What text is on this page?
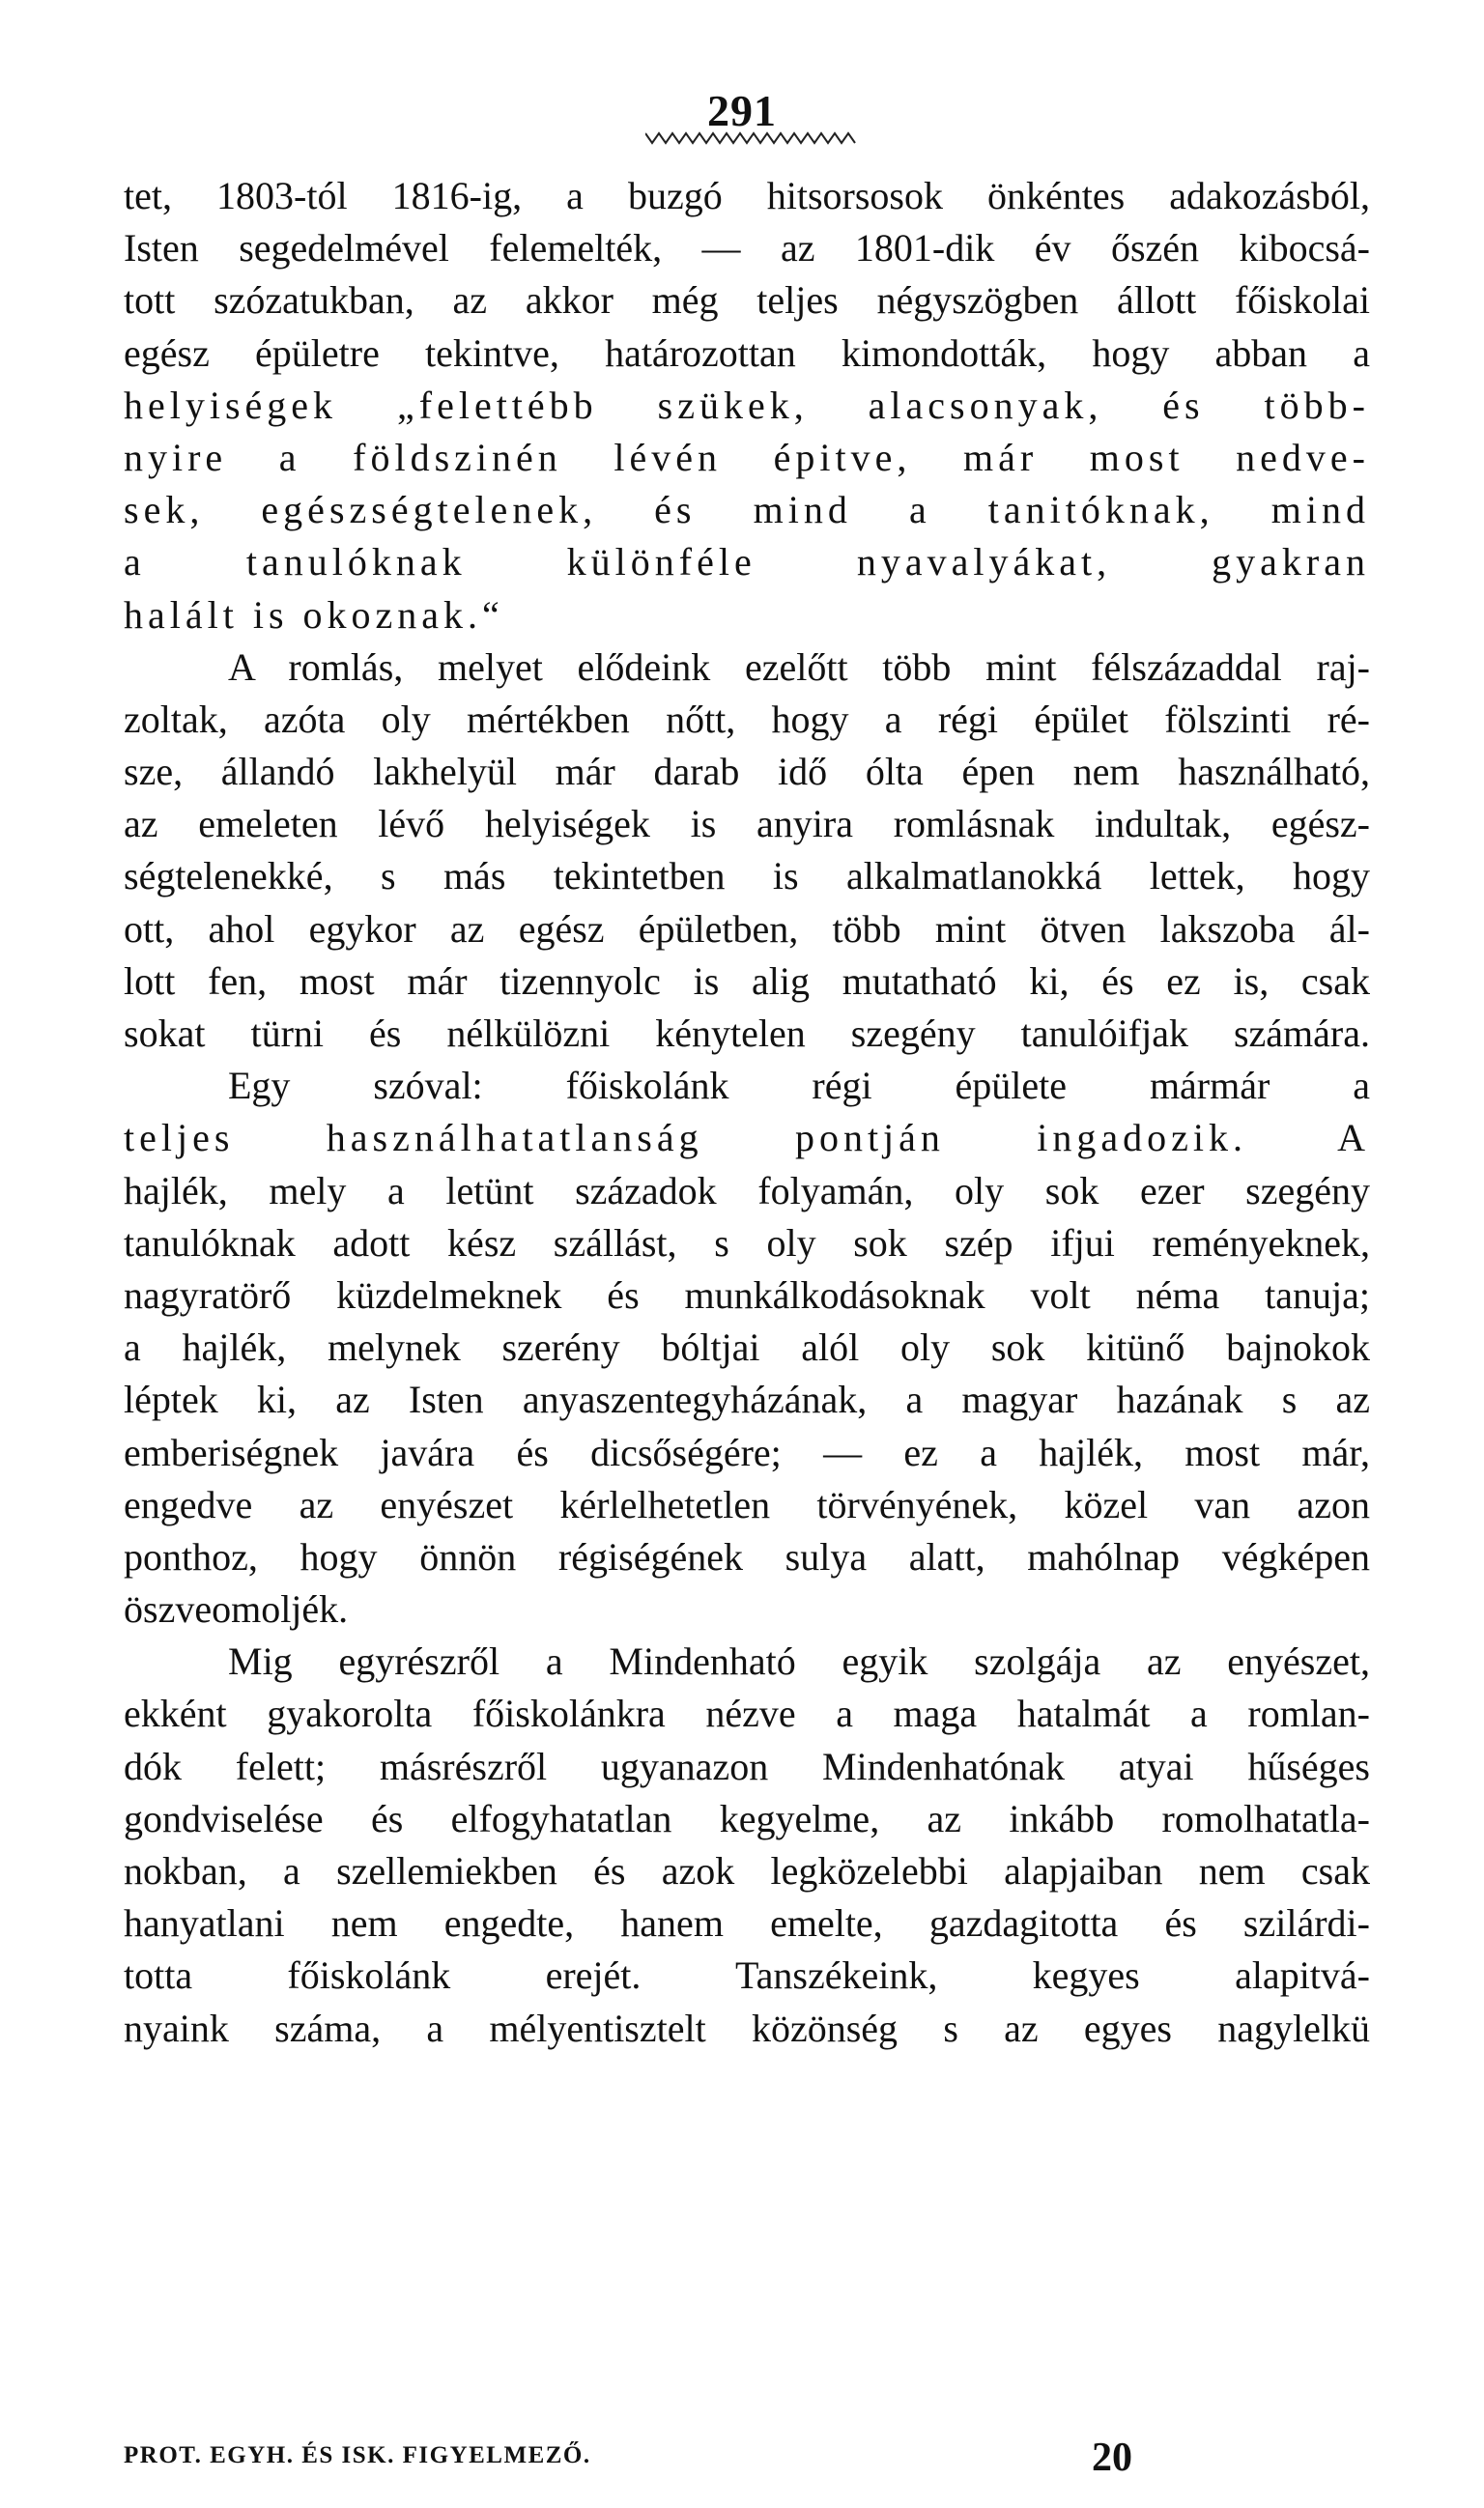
291
tet, 1803-tól 1816-ig, a buzgó hitsorsosok önkéntes adakozásból,
Isten segedelmével felemelték, — az 1801-dik év őszén kibocsá-
tott szózatukban, az akkor még teljes négyszögben állott főiskolai
egész épületre tekintve, határozottan kimondották, hogy abban a
helyiségek „felettébb szükek, alacsonyak, és több-
nyire a földszinén lévén épitve, már most nedve-
sek, egészségtelenek, és mind a tanitóknak, mind
a tanulóknak különféle nyavalyákat, gyakran
halált is okoznak.“
A romlás, melyet elődeink ezelőtt több mint félszázaddal raj-
zoltak, azóta oly mértékben nőtt, hogy a régi épület fölszinti ré-
sze, állandó lakhelyül már darab idő ólta épen nem használható,
az emeleten lévő helyiségek is anyira romlásnak indultak, egész-
ségtelenekké, s más tekintetben is alkalmatlanokká lettek, hogy
ott, ahol egykor az egész épületben, több mint ötven lakszoba ál-
lott fen, most már tizennyolc is alig mutatható ki, és ez is, csak
sokat türni és nélkülözni kénytelen szegény tanulóifjak számára.
Egy szóval: főiskolánk régi épülete mármár a
teljes használhatatlanság pontján ingadozik. A
hajlék, mely a letünt századok folyamán, oly sok ezer szegény
tanulóknak adott kész szállást, s oly sok szép ifjui reményeknek,
nagyratörő küzdelmeknek és munkálkodásoknak volt néma tanuja;
a hajlék, melynek szerény bóltjai alól oly sok kitünő bajnokok
léptek ki, az Isten anyaszentegyházának, a magyar hazának s az
emberiségnek javára és dicsőségére; — ez a hajlék, most már,
engedve az enyészet kérlelhetetlen törvényének, közel van azon
ponthoz, hogy önnön régiségének sulya alatt, mahólnap végképen
öszveomoljék.
Mig egyrészről a Mindenható egyik szolgája az enyészet,
ekként gyakorolta főiskolánkra nézve a maga hatalmát a romlan-
dók felett; másrészről ugyanazon Mindenhatónak atyai hűséges
gondviselése és elfogyhatatlan kegyelme, az inkább romolhatatla-
nokban, a szellemiekben és azok legközelebbi alapjaiban nem csak
hanyatlani nem engedte, hanem emelte, gazdagitotta és szilárdi-
totta főiskolánk erejét. Tanszékeink, kegyes alapitvá-
nyaink száma, a mélyentisztelt közönség s az egyes nagylelkü
PROT. EGYH. ÉS ISK. FIGYELMEZŐ.	20
